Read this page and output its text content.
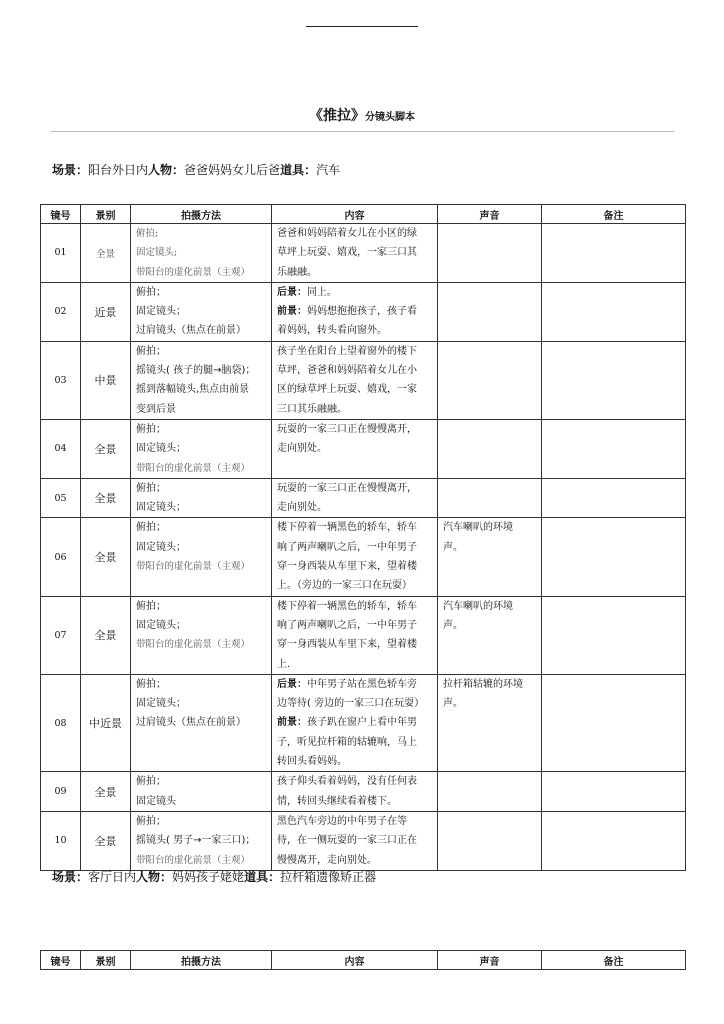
《推拉》分镜头脚本
场景：阳台外日内人物：爸爸妈妈女儿后爸道具：汽车
镜号	景别	拍摄方法	内容	声音	备注
01	全景	俯拍;
固定镜头;
带阳台的虚化前景（主观）	爸爸和妈妈陪着女儿在小区的绿
草坪上玩耍、嬉戏，一家三口其
乐融融。		

02	近景	俯拍；
固定镜头；
过肩镜头（焦点在前景）	后景：同上。
前景：妈妈想抱抱孩子，孩子看
着妈妈，转头看向窗外。		

03	中景	俯拍；
摇镜头( 孩子的腿→脑袋)；
摇到落幅镜头,焦点由前景
变到后景	孩子坐在阳台上望着窗外的楼下
草坪，爸爸和妈妈陪着女儿在小
区的绿草坪上玩耍、嬉戏，一家
三口其乐融融。		

04	全景	俯拍；
固定镜头；
带阳台的虚化前景（主观）	玩耍的一家三口正在慢慢离开，
走向别处。		

05	全景	俯拍；
固定镜头；	玩耍的一家三口正在慢慢离开，
走向别处。		

06	全景	俯拍；
固定镜头；
带阳台的虚化前景（主观）	楼下停着一辆黑色的轿车，轿车
响了两声喇叭之后，一中年男子
穿一身西装从车里下来，望着楼
上。（旁边的一家三口在玩耍）	汽车喇叭的环境
声。	

07	全景	俯拍；
固定镜头；
带阳台的虚化前景（主观）	楼下停着一辆黑色的轿车，轿车
响了两声喇叭之后，一中年男子
穿一身西装从车里下来，望着楼
上.	汽车喇叭的环境
声。	

08	中近景	俯拍；
固定镜头；
过肩镜头（焦点在前景）	后景：中年男子站在黑色轿车旁
边等待( 旁边的一家三口在玩耍）
前景：孩子趴在窗户上看中年男
子，听见拉杆箱的轱辘响，马上
转回头看妈妈。	拉杆箱轱辘的环境
声。	

09	全景	俯拍；
固定镜头	孩子仰头看着妈妈，没有任何表
情，转回头继续看着楼下。		

10	全景	俯拍；
摇镜头( 男子→一家三口)；
带阳台的虚化前景（主观）	黑色汽车旁边的中年男子在等
待，在一侧玩耍的一家三口正在
慢慢离开，走向别处。		

场景：客厅日内人物：妈妈孩子姥姥道具：拉杆箱遗像矫正器
镜号	景别	拍摄方法	内容	声音	备注
